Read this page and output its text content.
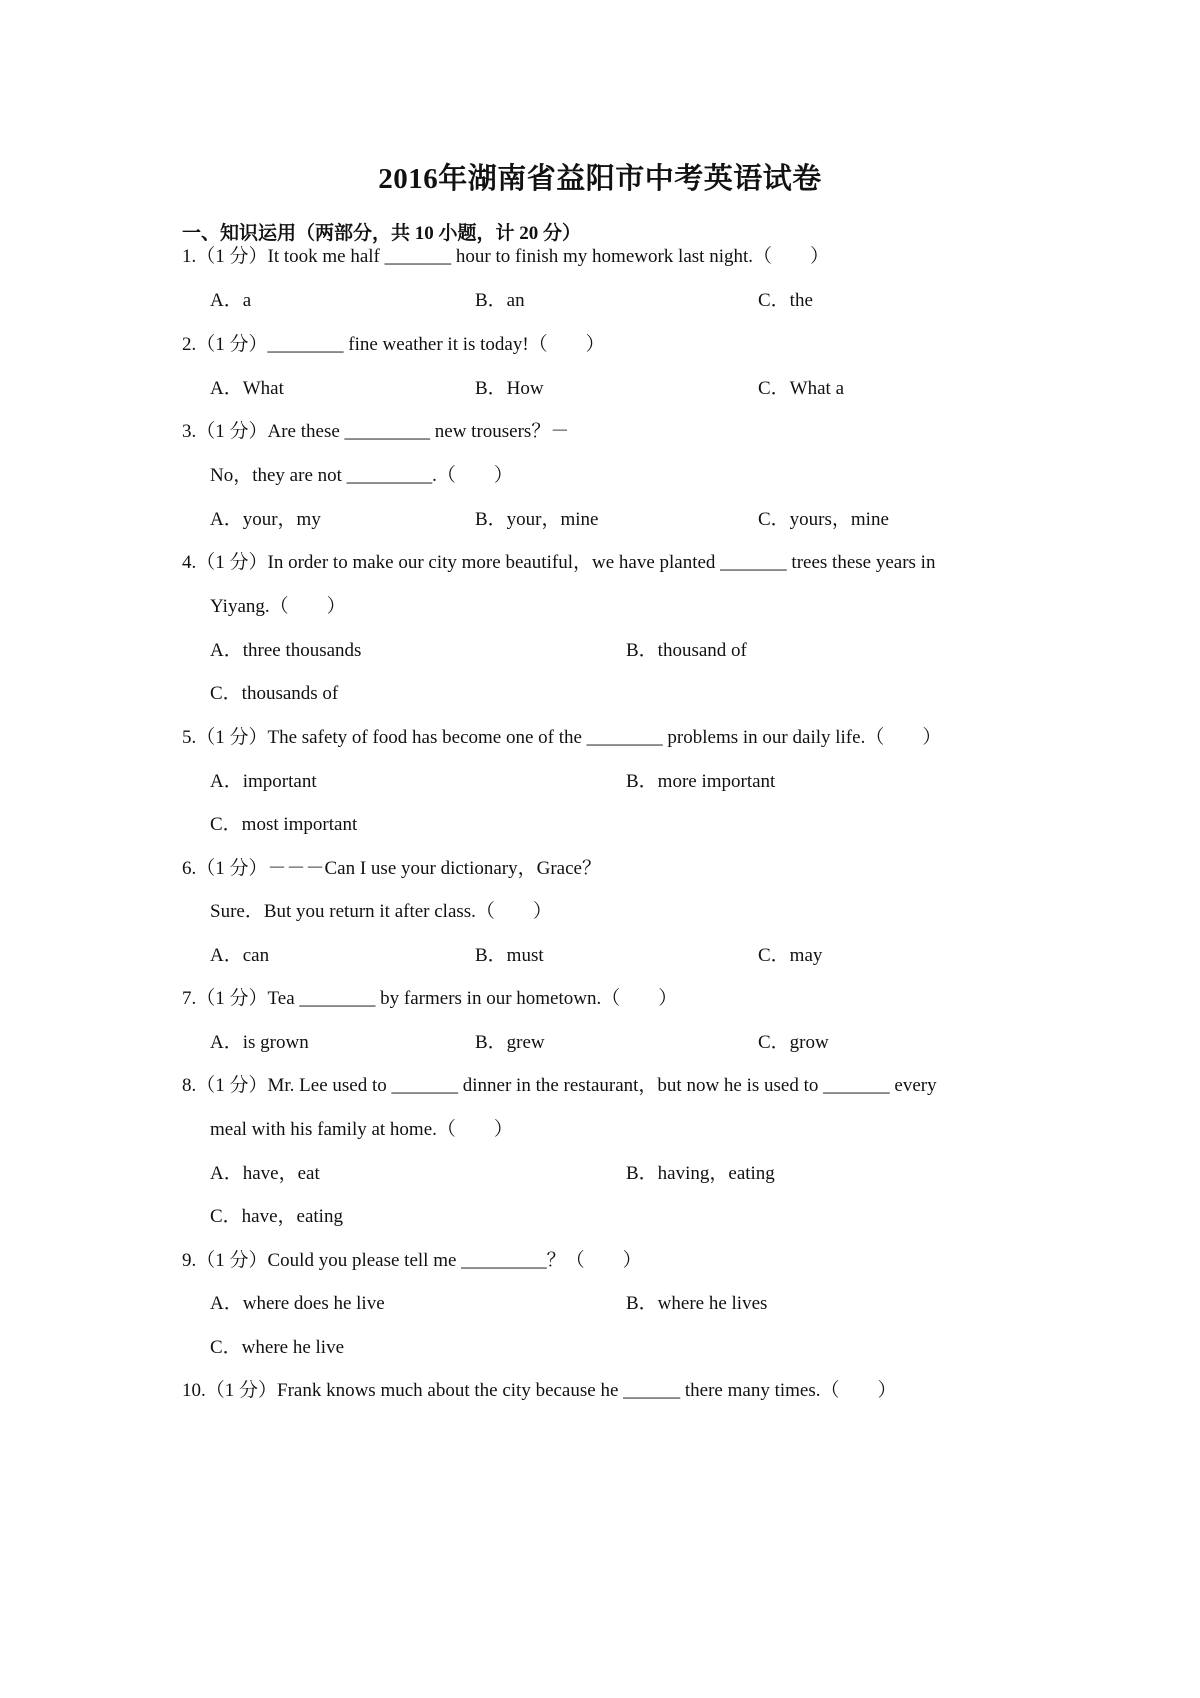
2016年湖南省益阳市中考英语试卷
一、知识运用（两部分，共 10 小题，计 20 分）
1.（1 分）It took me half _______ hour to finish my homework last night.（　　）
A．a	B．an	C．the
2.（1 分）________ fine weather it is today!（　　）
A．What	B．How	C．What a
3.（1 分）Are these _________ new trousers？－
No，they are not _________.（　　）
A．your，my	B．your，mine	C．yours，mine
4.（1 分）In order to make our city more beautiful，we have planted _______ trees these years in
Yiyang.（　　）
A．three thousands	B．thousand of
C．thousands of
5.（1 分）The safety of food has become one of the ________ problems in our daily life.（　　）
A．important	B．more important
C．most important
6.（1 分）－－－Can I use your dictionary，Grace？
Sure．But you return it after class.（　　）
A．can	B．must	C．may
7.（1 分）Tea ________ by farmers in our hometown.（　　）
A．is grown	B．grew	C．grow
8.（1 分）Mr. Lee used to _______ dinner in the restaurant，but now he is used to _______ every
meal with his family at home.（　　）
A．have，eat	B．having，eating
C．have，eating
9.（1 分）Could you please tell me _________？（　　）
A．where does he live	B．where he lives
C．where he live
10.（1 分）Frank knows much about the city because he ______ there many times.（　　）
